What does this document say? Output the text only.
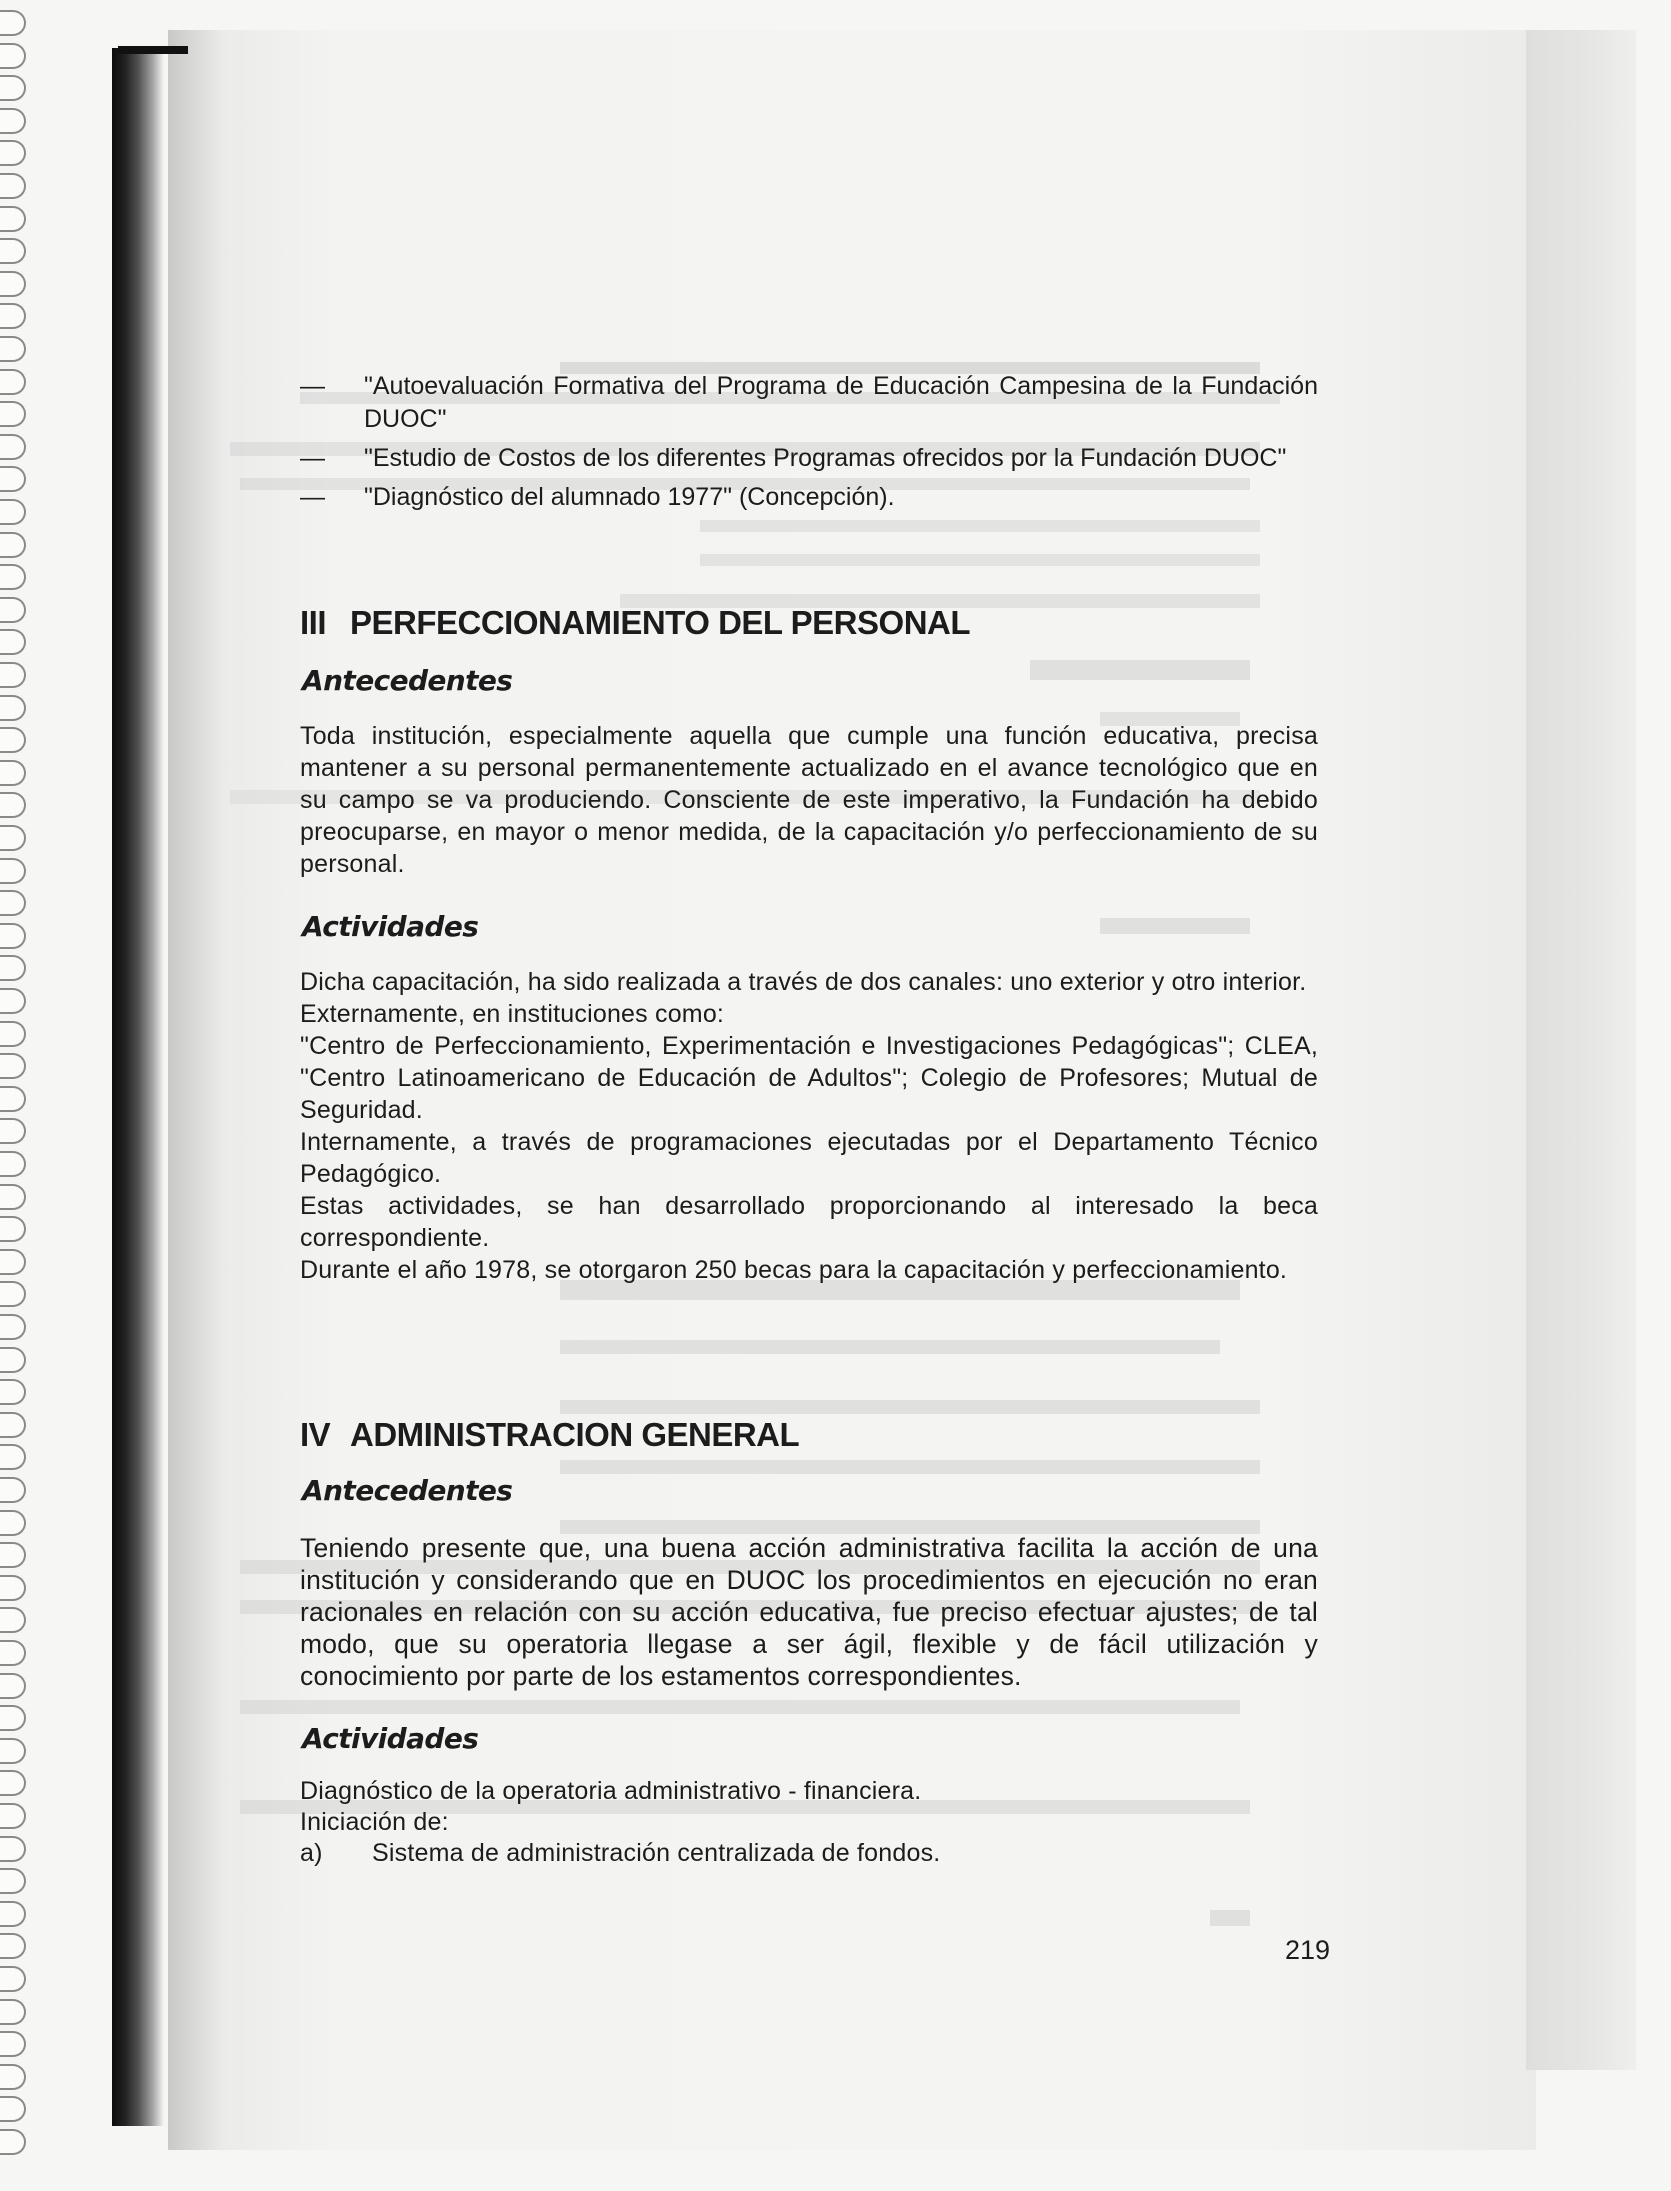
— "Autoevaluación Formativa del Programa de Educación Campesina de la Fundación DUOC"
— "Estudio de Costos de los diferentes Programas ofrecidos por la Fundación DUOC"
— "Diagnóstico del alumnado 1977" (Concepción).
III PERFECCIONAMIENTO DEL PERSONAL
Antecedentes

Toda institución, especialmente aquella que cumple una función educativa, precisa mantener a su personal permanentemente actualizado en el avance tecnológico que en su campo se va produciendo. Consciente de este imperativo, la Fundación ha debido preocuparse, en mayor o menor medida, de la capacitación y/o perfeccionamiento de su personal.

Actividades

Dicha capacitación, ha sido realizada a través de dos canales: uno exterior y otro interior.

Externamente, en instituciones como:

"Centro de Perfeccionamiento, Experimentación e Investigaciones Pedagógicas"; CLEA, "Centro Latinoamericano de Educación de Adultos"; Colegio de Profesores; Mutual de Seguridad.

Internamente, a través de programaciones ejecutadas por el Departamento Técnico Pedagógico.

Estas actividades, se han desarrollado proporcionando al interesado la beca correspondiente.

Durante el año 1978, se otorgaron 250 becas para la capacitación y perfeccionamiento.

IV ADMINISTRACION GENERAL
Antecedentes

Teniendo presente que, una buena acción administrativa facilita la acción de una institución y considerando que en DUOC los procedimientos en ejecución no eran racionales en relación con su acción educativa, fue preciso efectuar ajustes; de tal modo, que su operatoria llegase a ser ágil, flexible y de fácil utilización y conocimiento por parte de los estamentos correspondientes.

Actividades

Diagnóstico de la operatoria administrativo - financiera.

Iniciación de:

a) Sistema de administración centralizada de fondos.

219
